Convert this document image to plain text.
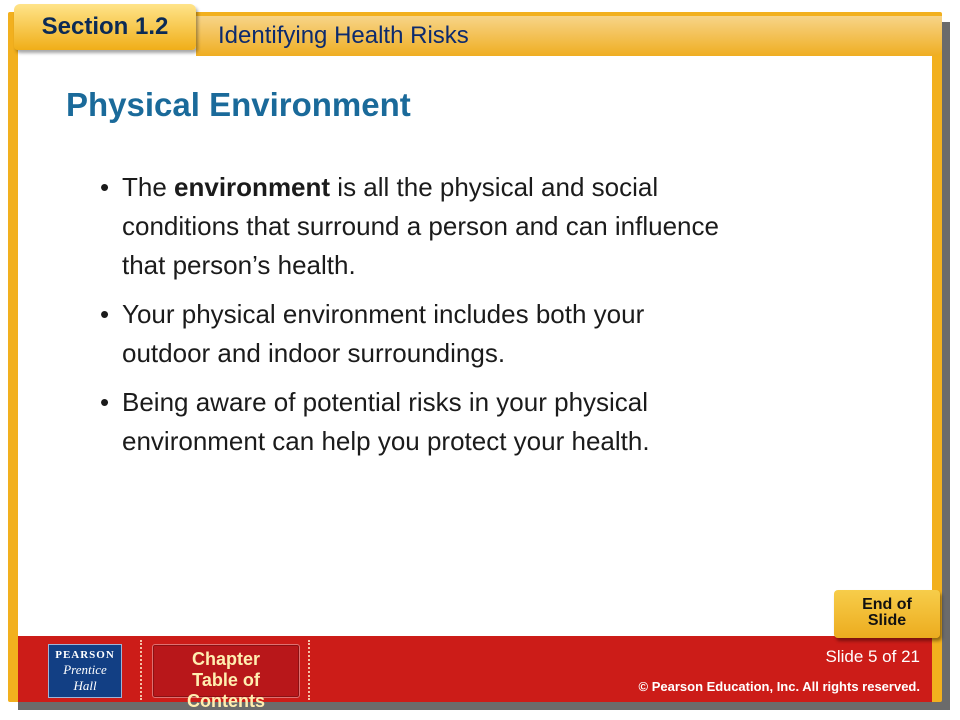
Identifying Health Risks
Section 1.2
Physical Environment
• The environment is all the physical and social
conditions that surround a person and can influence
that person’s health.
• Your physical environment includes both your
outdoor and indoor surroundings.
• Being aware of potential risks in your physical
environment can help you protect your health.
PEARSON
Prentice
Hall
Chapter
Table of Contents
Slide 5 of 21
© Pearson Education, Inc. All rights reserved.
End of
Slide
